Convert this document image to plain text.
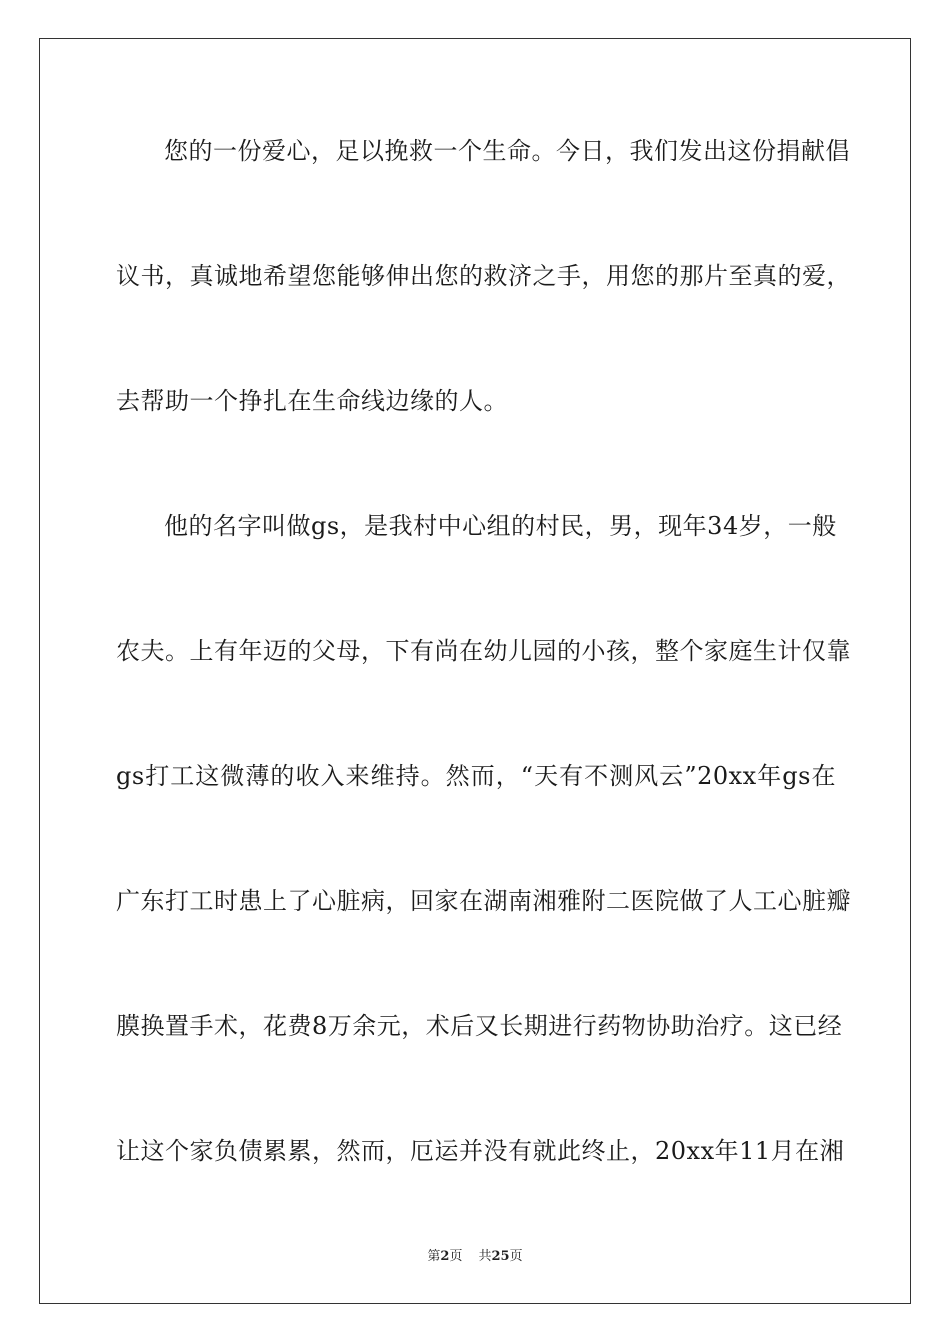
您的一份爱心，足以挽救一个生命。今日，我们发出这份捐献倡
议书，真诚地希望您能够伸出您的救济之手，用您的那片至真的爱，
去帮助一个挣扎在生命线边缘的人。
他的名字叫做gs，是我村中心组的村民，男，现年34岁，一般
农夫。上有年迈的父母，下有尚在幼儿园的小孩，整个家庭生计仅靠
gs打工这微薄的收入来维持。然而，“天有不测风云”20xx年gs在
广东打工时患上了心脏病，回家在湖南湘雅附二医院做了人工心脏瓣
膜换置手术，花费8万余元，术后又长期进行药物协助治疗。这已经
让这个家负债累累，然而，厄运并没有就此终止，20xx年11月在湘
第2页 共25页
